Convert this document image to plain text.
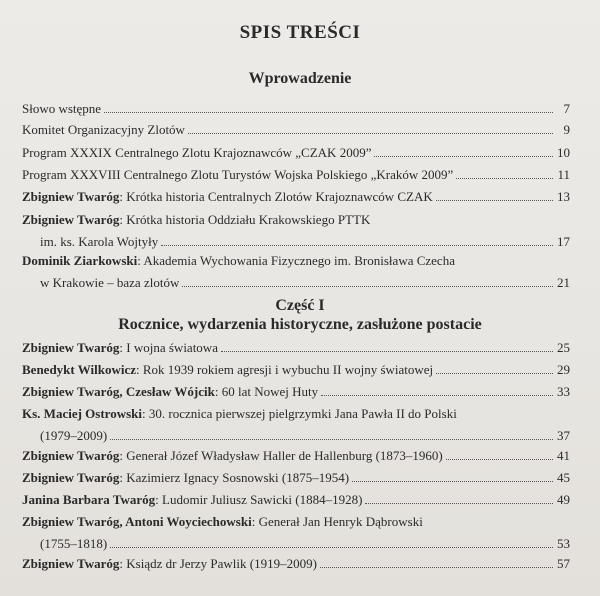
SPIS TREŚCI
Wprowadzenie
Słowo wstępne	7
Komitet Organizacyjny Zlotów	9
Program XXXIX Centralnego Zlotu Krajoznawców „CZAK 2009”	10
Program XXXVIII Centralnego Zlotu Turystów Wojska Polskiego „Kraków 2009”	11
Zbigniew Twaróg: Krótka historia Centralnych Zlotów Krajoznawców CZAK	13
Zbigniew Twaróg: Krótka historia Oddziału Krakowskiego PTTK
im. ks. Karola Wojtyły	17
Dominik Ziarkowski: Akademia Wychowania Fizycznego im. Bronisława Czecha
w Krakowie – baza zlotów	21
Część I
Rocznice, wydarzenia historyczne, zasłużone postacie
Zbigniew Twaróg: I wojna światowa	25
Benedykt Wilkowicz: Rok 1939 rokiem agresji i wybuchu II wojny światowej	29
Zbigniew Twaróg, Czesław Wójcik: 60 lat Nowej Huty	33
Ks. Maciej Ostrowski: 30. rocznica pierwszej pielgrzymki Jana Pawła II do Polski
(1979–2009)	37
Zbigniew Twaróg: Generał Józef Władysław Haller de Hallenburg (1873–1960)	41
Zbigniew Twaróg: Kazimierz Ignacy Sosnowski (1875–1954)	45
Janina Barbara Twaróg: Ludomir Juliusz Sawicki (1884–1928)	49
Zbigniew Twaróg, Antoni Woyciechowski: Generał Jan Henryk Dąbrowski
(1755–1818)	53
Zbigniew Twaróg: Ksiądz dr Jerzy Pawlik (1919–2009)	57
